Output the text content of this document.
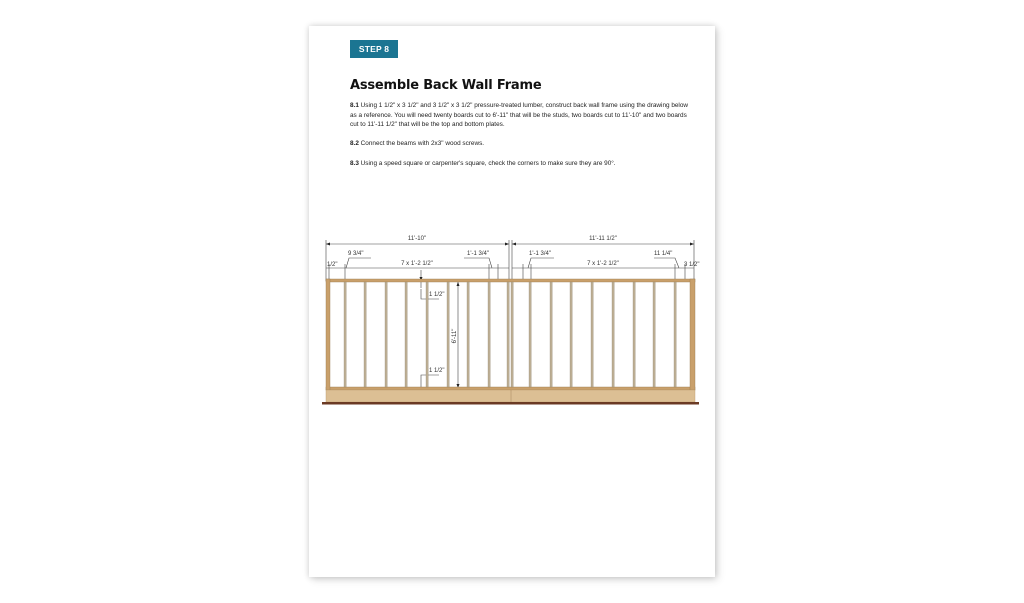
STEP 8
Assemble Back Wall Frame
8.1 Using 1 1/2" x 3 1/2" and 3 1/2" x 3 1/2" pressure-treated lumber, construct back wall frame using the drawing below as a reference. You will need twenty boards cut to 6'-11" that will be the studs, two boards cut to 11'-10" and two boards cut to 11'-11 1/2" that will be the top and bottom plates.
8.2 Connect the beams with 2x3" wood screws.
8.3 Using a speed square or carpenter's square, check the corners to make sure they are 90°.
11'-10"	11'-11 1/2"
9 3/4"
1/2"	7 x 1'-2 1/2"
1'-1 3/4"	1'-1 3/4"
7 x 1'-2 1/2"
11 1/4"
3 1/2"
1 1/2"
1 1/2"
6'-11"
